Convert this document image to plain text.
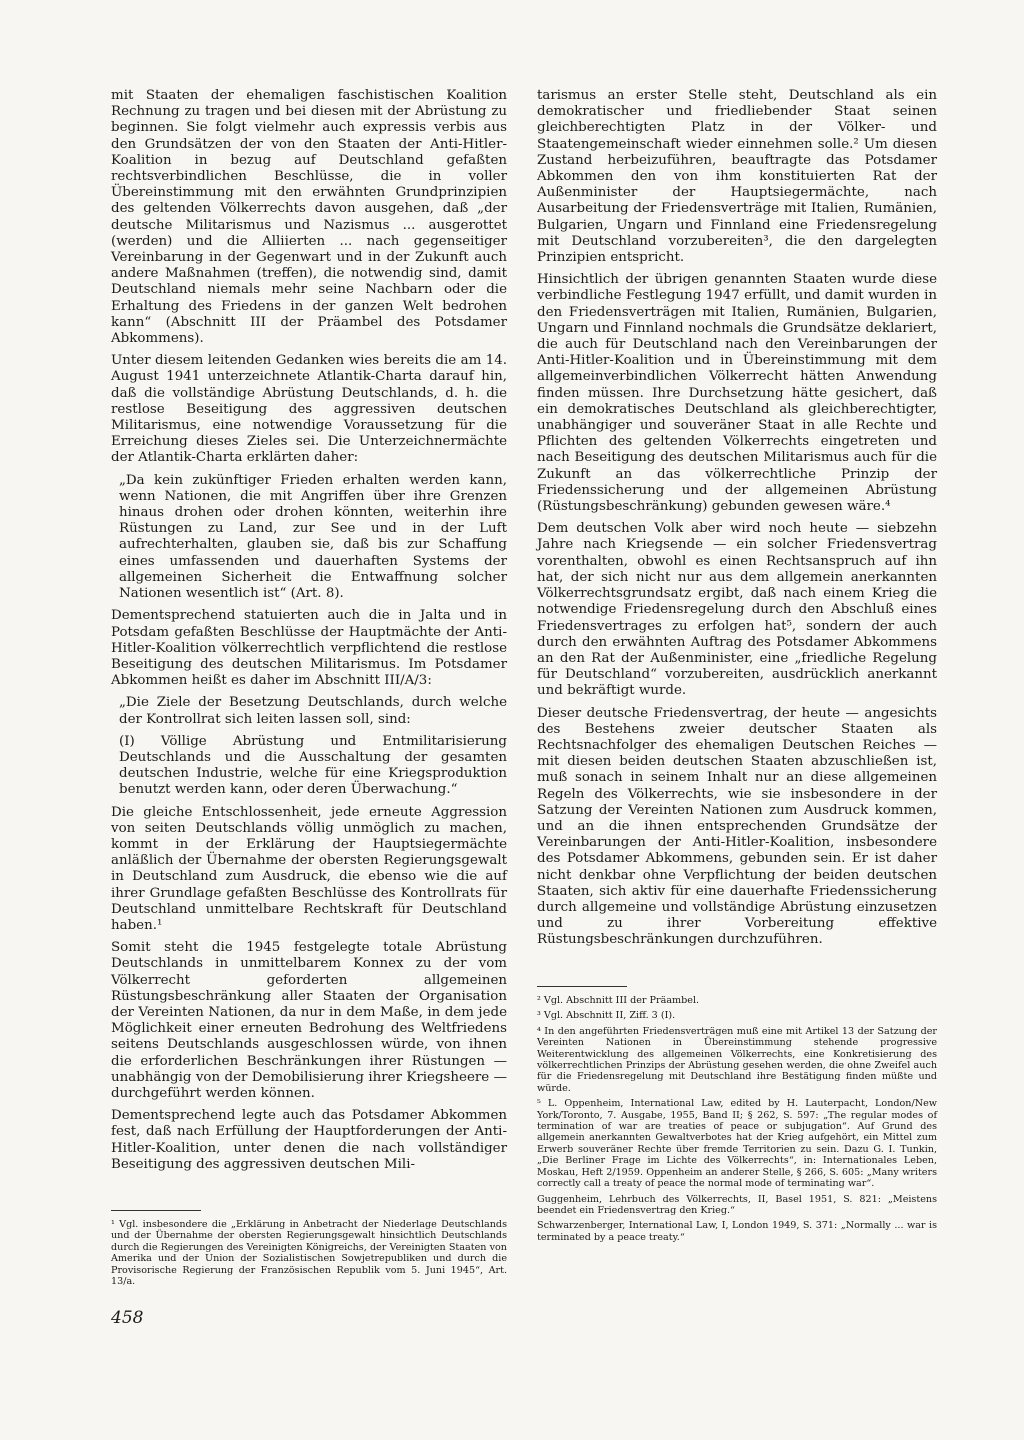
mit Staaten der ehemaligen faschistischen Koalition Rechnung zu tragen und bei diesen mit der Abrüstung zu beginnen. Sie folgt vielmehr auch expressis verbis aus den Grundsätzen der von den Staaten der Anti-Hitler-Koalition in bezug auf Deutschland gefaßten rechtsverbindlichen Beschlüsse, die in voller Übereinstimmung mit den erwähnten Grundprinzipien des geltenden Völkerrechts davon ausgehen, daß „der deutsche Militarismus und Nazismus ... ausgerottet (werden) und die Alliierten ... nach gegenseitiger Vereinbarung in der Gegenwart und in der Zukunft auch andere Maßnahmen (treffen), die notwendig sind, damit Deutschland niemals mehr seine Nachbarn oder die Erhaltung des Friedens in der ganzen Welt bedrohen kann“ (Abschnitt III der Präambel des Potsdamer Abkommens).

Unter diesem leitenden Gedanken wies bereits die am 14. August 1941 unterzeichnete Atlantik-Charta darauf hin, daß die vollständige Abrüstung Deutschlands, d. h. die restlose Beseitigung des aggressiven deutschen Militarismus, eine notwendige Voraussetzung für die Erreichung dieses Zieles sei. Die Unterzeichnermächte der Atlantik-Charta erklärten daher:

„Da kein zukünftiger Frieden erhalten werden kann, wenn Nationen, die mit Angriffen über ihre Grenzen hinaus drohen oder drohen könnten, weiterhin ihre Rüstungen zu Land, zur See und in der Luft aufrechterhalten, glauben sie, daß bis zur Schaffung eines umfassenden und dauerhaften Systems der allgemeinen Sicherheit die Entwaffnung solcher Nationen wesentlich ist“ (Art. 8).

Dementsprechend statuierten auch die in Jalta und in Potsdam gefaßten Beschlüsse der Hauptmächte der Anti-Hitler-Koalition völkerrechtlich verpflichtend die restlose Beseitigung des deutschen Militarismus. Im Potsdamer Abkommen heißt es daher im Abschnitt III/A/3:

„Die Ziele der Besetzung Deutschlands, durch welche der Kontrollrat sich leiten lassen soll, sind:

(I) Völlige Abrüstung und Entmilitarisierung Deutschlands und die Ausschaltung der gesamten deutschen Industrie, welche für eine Kriegsproduktion benutzt werden kann, oder deren Überwachung.“

Die gleiche Entschlossenheit, jede erneute Aggression von seiten Deutschlands völlig unmöglich zu machen, kommt in der Erklärung der Hauptsiegermächte anläßlich der Übernahme der obersten Regierungsgewalt in Deutschland zum Ausdruck, die ebenso wie die auf ihrer Grundlage gefaßten Beschlüsse des Kontrollrats für Deutschland unmittelbare Rechtskraft für Deutschland haben.¹

Somit steht die 1945 festgelegte totale Abrüstung Deutschlands in unmittelbarem Konnex zu der vom Völkerrecht geforderten allgemeinen Rüstungsbeschränkung aller Staaten der Organisation der Vereinten Nationen, da nur in dem Maße, in dem jede Möglichkeit einer erneuten Bedrohung des Weltfriedens seitens Deutschlands ausgeschlossen würde, von ihnen die erforderlichen Beschränkungen ihrer Rüstungen — unabhängig von der Demobilisierung ihrer Kriegsheere — durchgeführt werden können.

Dementsprechend legte auch das Potsdamer Abkommen fest, daß nach Erfüllung der Hauptforderungen der Anti-Hitler-Koalition, unter denen die nach vollständiger Beseitigung des aggressiven deutschen Mili-

¹ Vgl. insbesondere die „Erklärung in Anbetracht der Niederlage Deutschlands und der Übernahme der obersten Regierungsgewalt hinsichtlich Deutschlands durch die Regierungen des Vereinigten Königreichs, der Vereinigten Staaten von Amerika und der Union der Sozialistischen Sowjetrepubliken und durch die Provisorische Regierung der Französischen Republik vom 5. Juni 1945“, Art. 13/a.

tarismus an erster Stelle steht, Deutschland als ein demokratischer und friedliebender Staat seinen gleichberechtigten Platz in der Völker- und Staatengemeinschaft wieder einnehmen solle.² Um diesen Zustand herbeizuführen, beauftragte das Potsdamer Abkommen den von ihm konstituierten Rat der Außenminister der Hauptsiegermächte, nach Ausarbeitung der Friedensverträge mit Italien, Rumänien, Bulgarien, Ungarn und Finnland eine Friedensregelung mit Deutschland vorzubereiten³, die den dargelegten Prinzipien entspricht.

Hinsichtlich der übrigen genannten Staaten wurde diese verbindliche Festlegung 1947 erfüllt, und damit wurden in den Friedensverträgen mit Italien, Rumänien, Bulgarien, Ungarn und Finnland nochmals die Grundsätze deklariert, die auch für Deutschland nach den Vereinbarungen der Anti-Hitler-Koalition und in Übereinstimmung mit dem allgemeinverbindlichen Völkerrecht hätten Anwendung finden müssen. Ihre Durchsetzung hätte gesichert, daß ein demokratisches Deutschland als gleichberechtigter, unabhängiger und souveräner Staat in alle Rechte und Pflichten des geltenden Völkerrechts eingetreten und nach Beseitigung des deutschen Militarismus auch für die Zukunft an das völkerrechtliche Prinzip der Friedenssicherung und der allgemeinen Abrüstung (Rüstungsbeschränkung) gebunden gewesen wäre.⁴

Dem deutschen Volk aber wird noch heute — siebzehn Jahre nach Kriegsende — ein solcher Friedensvertrag vorenthalten, obwohl es einen Rechtsanspruch auf ihn hat, der sich nicht nur aus dem allgemein anerkannten Völkerrechtsgrundsatz ergibt, daß nach einem Krieg die notwendige Friedensregelung durch den Abschluß eines Friedensvertrages zu erfolgen hat⁵, sondern der auch durch den erwähnten Auftrag des Potsdamer Abkommens an den Rat der Außenminister, eine „friedliche Regelung für Deutschland“ vorzubereiten, ausdrücklich anerkannt und bekräftigt wurde.

Dieser deutsche Friedensvertrag, der heute — angesichts des Bestehens zweier deutscher Staaten als Rechtsnachfolger des ehemaligen Deutschen Reiches — mit diesen beiden deutschen Staaten abzuschließen ist, muß sonach in seinem Inhalt nur an diese allgemeinen Regeln des Völkerrechts, wie sie insbesondere in der Satzung der Vereinten Nationen zum Ausdruck kommen, und an die ihnen entsprechenden Grundsätze der Vereinbarungen der Anti-Hitler-Koalition, insbesondere des Potsdamer Abkommens, gebunden sein. Er ist daher nicht denkbar ohne Verpflichtung der beiden deutschen Staaten, sich aktiv für eine dauerhafte Friedenssicherung durch allgemeine und vollständige Abrüstung einzusetzen und zu ihrer Vorbereitung effektive Rüstungsbeschränkungen durchzuführen.

² Vgl. Abschnitt III der Präambel.

³ Vgl. Abschnitt II, Ziff. 3 (I).

⁴ In den angeführten Friedensverträgen muß eine mit Artikel 13 der Satzung der Vereinten Nationen in Übereinstimmung stehende progressive Weiterentwicklung des allgemeinen Völkerrechts, eine Konkretisierung des völkerrechtlichen Prinzips der Abrüstung gesehen werden, die ohne Zweifel auch für die Friedensregelung mit Deutschland ihre Bestätigung finden müßte und würde.

⁵ L. Oppenheim, International Law, edited by H. Lauterpacht, London/New York/Toronto, 7. Ausgabe, 1955, Band II; § 262, S. 597: „The regular modes of termination of war are treaties of peace or subjugation“. Auf Grund des allgemein anerkannten Gewaltverbotes hat der Krieg aufgehört, ein Mittel zum Erwerb souveräner Rechte über fremde Territorien zu sein. Dazu G. I. Tunkin, „Die Berliner Frage im Lichte des Völkerrechts“, in: Internationales Leben, Moskau, Heft 2/1959. Oppenheim an anderer Stelle, § 266, S. 605: „Many writers correctly call a treaty of peace the normal mode of terminating war“.

Guggenheim, Lehrbuch des Völkerrechts, II, Basel 1951, S. 821: „Meistens beendet ein Friedensvertrag den Krieg.“

Schwarzenberger, International Law, I, London 1949, S. 371: „Normally ... war is terminated by a peace treaty.“

458
